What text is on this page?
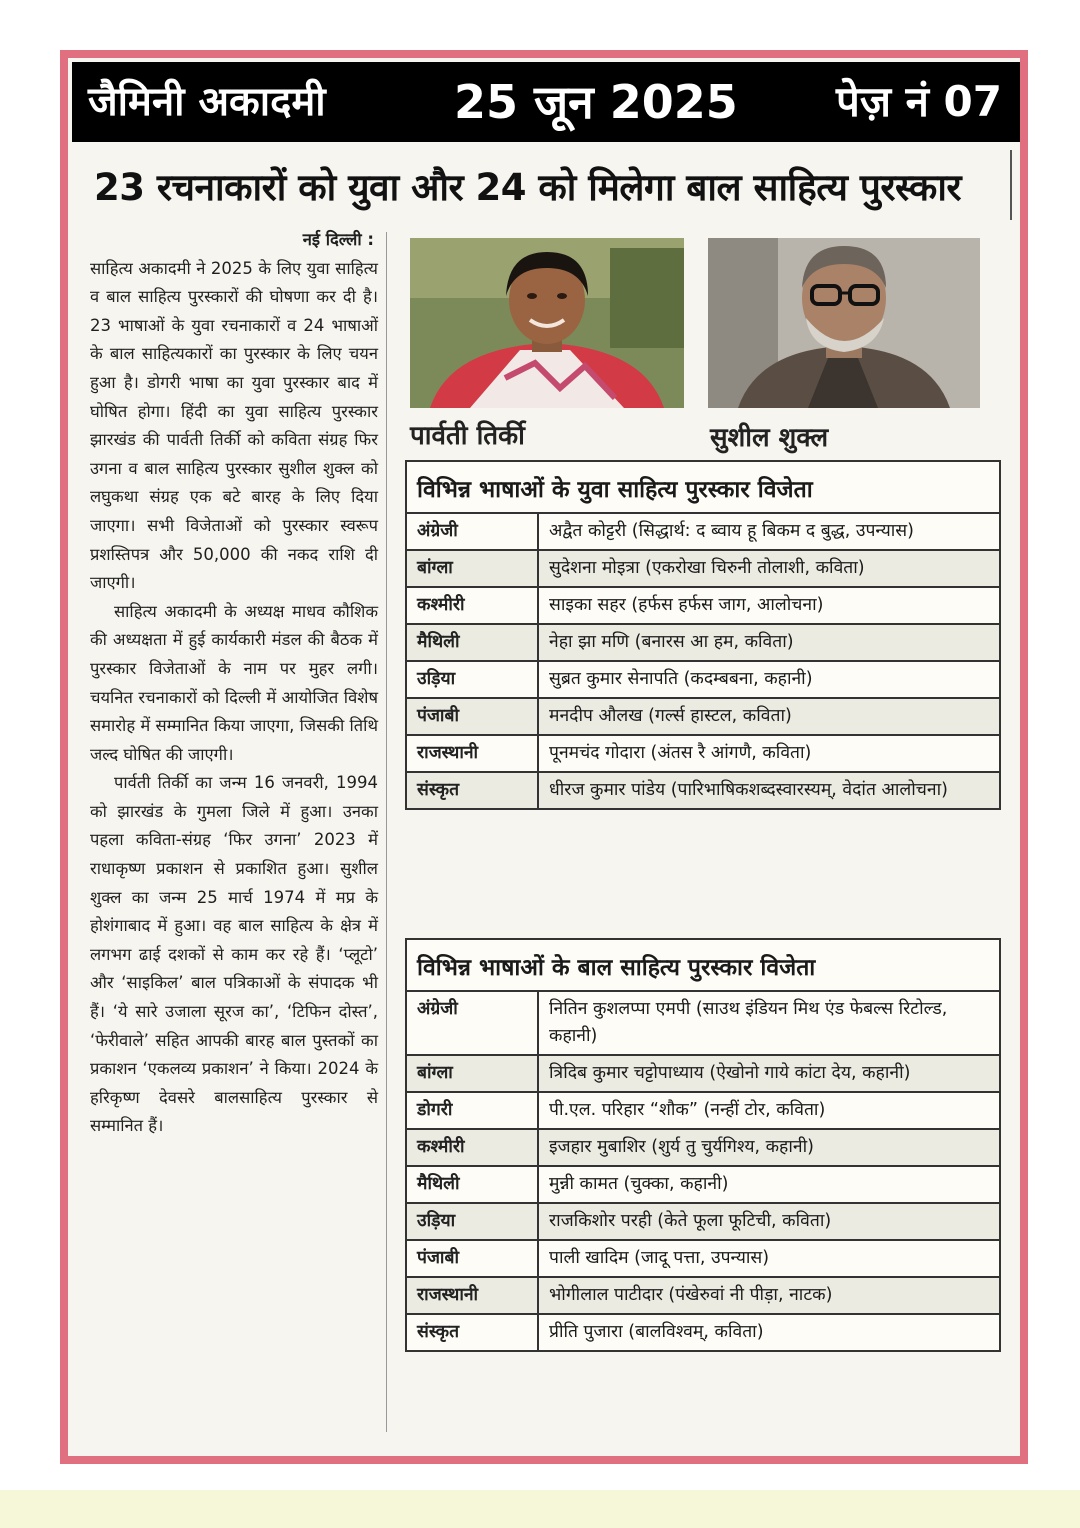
जैमिनी अकादमी	25 जून 2025 पेज़ नं 07
23 रचनाकारों को युवा और 24 को मिलेगा बाल साहित्य पुरस्कार
नई दिल्ली :

साहित्य अकादमी ने 2025 के लिए युवा साहित्य व बाल साहित्य पुरस्कारों की घोषणा कर दी है। 23 भाषाओं के युवा रचनाकारों व 24 भाषाओं के बाल साहित्यकारों का पुरस्कार के लिए चयन हुआ है। डोगरी भाषा का युवा पुरस्कार बाद में घोषित होगा। हिंदी का युवा साहित्य पुरस्कार झारखंड की पार्वती तिर्की को कविता संग्रह फिर उगना व बाल साहित्य पुरस्कार सुशील शुक्ल को लघुकथा संग्रह एक बटे बारह के लिए दिया जाएगा। सभी विजेताओं को पुरस्कार स्वरूप प्रशस्तिपत्र और 50,000 की नकद राशि दी जाएगी।

साहित्य अकादमी के अध्यक्ष माधव कौशिक की अध्यक्षता में हुई कार्यकारी मंडल की बैठक में पुरस्कार विजेताओं के नाम पर मुहर लगी। चयनित रचनाकारों को दिल्ली में आयोजित विशेष समारोह में सम्मानित किया जाएगा, जिसकी तिथि जल्द घोषित की जाएगी।

पार्वती तिर्की का जन्म 16 जनवरी, 1994 को झारखंड के गुमला जिले में हुआ। उनका पहला कविता-संग्रह ‘फिर उगना’ 2023 में राधाकृष्ण प्रकाशन से प्रकाशित हुआ। सुशील शुक्ल का जन्म 25 मार्च 1974 में मप्र के होशंगाबाद में हुआ। वह बाल साहित्य के क्षेत्र में लगभग ढाई दशकों से काम कर रहे हैं। ‘प्लूटो’ और ‘साइकिल’ बाल पत्रिकाओं के संपादक भी हैं। ‘ये सारे उजाला सूरज का’, ‘टिफिन दोस्त’, ‘फेरीवाले’ सहित आपकी बारह बाल पुस्तकों का प्रकाशन ‘एकलव्य प्रकाशन’ ने किया। 2024 के हरिकृष्ण देवसरे बालसाहित्य पुरस्कार से सम्मानित हैं।

पार्वती तिर्की	सुशील शुक्ल
विभिन्न भाषाओं के युवा साहित्य पुरस्कार विजेता
अंग्रेजी	अद्वैत कोट्टरी (सिद्धार्थ: द ब्वाय हू बिकम द बुद्ध, उपन्यास)
बांग्ला	सुदेशना मोइत्रा (एकरोखा चिरुनी तोलाशी, कविता)
कश्मीरी	साइका सहर (हर्फस हर्फस जाग, आलोचना)
मैथिली	नेहा झा मणि (बनारस आ हम, कविता)
उड़िया	सुब्रत कुमार सेनापति (कदम्बबना, कहानी)
पंजाबी	मनदीप औलख (गर्ल्स हास्टल, कविता)
राजस्थानी	पूनमचंद गोदारा (अंतस रै आंगणै, कविता)
संस्कृत	धीरज कुमार पांडेय (पारिभाषिकशब्दस्वारस्यम्, वेदांत आलोचना)
विभिन्न भाषाओं के बाल साहित्य पुरस्कार विजेता
अंग्रेजी	नितिन कुशलप्पा एमपी (साउथ इंडियन मिथ एंड फेबल्स रिटोल्ड, कहानी)
बांग्ला	त्रिदिब कुमार चट्टोपाध्याय (ऐखोनो गाये कांटा देय, कहानी)
डोगरी	पी.एल. परिहार “शौक” (नन्हीं टोर, कविता)
कश्मीरी	इजहार मुबाशिर (शुर्य तु चुर्यगिश्य, कहानी)
मैथिली	मुन्नी कामत (चुक्का, कहानी)
उड़िया	राजकिशोर परही (केते फूला फूटिची, कविता)
पंजाबी	पाली खादिम (जादू पत्ता, उपन्यास)
राजस्थानी	भोगीलाल पाटीदार (पंखेरुवां नी पीड़ा, नाटक)
संस्कृत	प्रीति पुजारा (बालविश्वम्, कविता)
